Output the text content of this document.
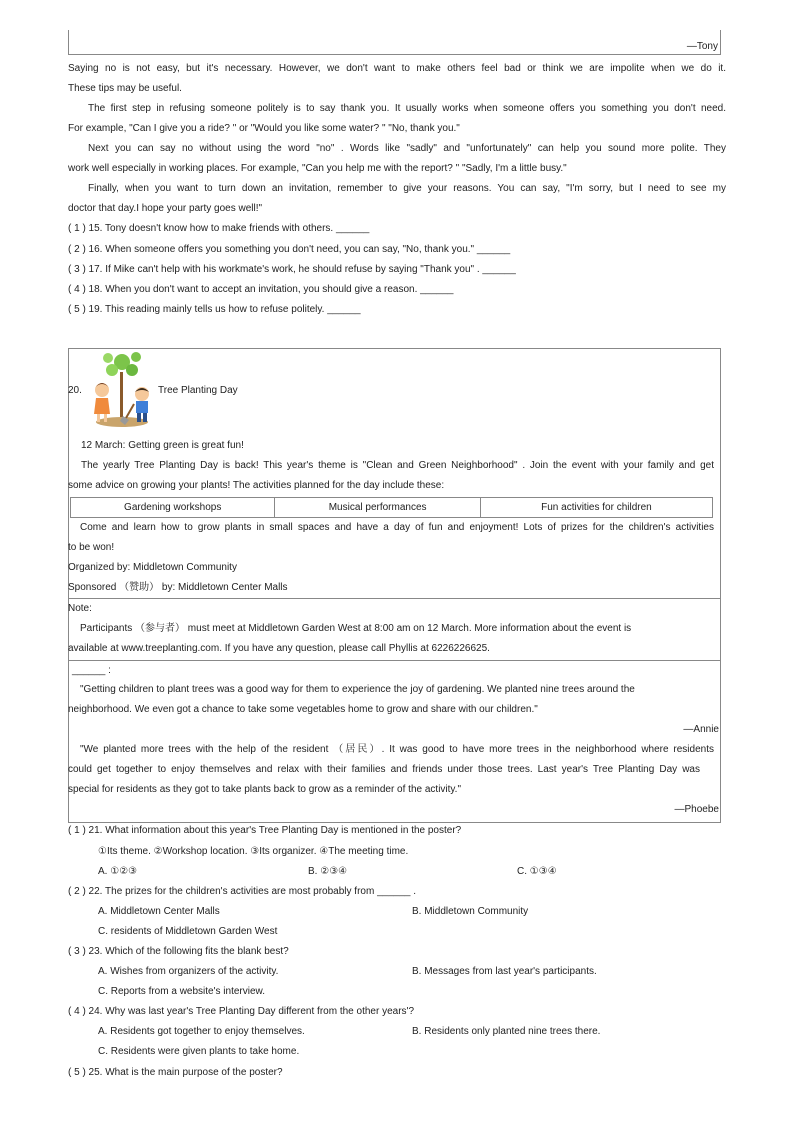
—Tony

Saying no is not easy, but it's necessary. However, we don't want to make others feel bad or think we are impolite when we do it.

These tips may be useful.

The first step in refusing someone politely is to say thank you. It usually works when someone offers you something you don't need.

For example, "Can I give you a ride? " or "Would you like some water? " "No, thank you."

Next you can say no without using the word "no" . Words like "sadly" and "unfortunately" can help you sound more polite. They

work well especially in working places. For example, "Can you help me with the report? " "Sadly, I'm a little busy."

Finally, when you want to turn down an invitation, remember to give your reasons. You can say, "I'm sorry, but I need to see my

doctor that day.I hope your party goes well!"

( 1 ) 15. Tony doesn't know how to make friends with others. ______

( 2 ) 16. When someone offers you something you don't need, you can say, "No, thank you." ______

( 3 ) 17. If Mike can't help with his workmate's work, he should refuse by saying "Thank you" . ______

( 4 ) 18. When you don't want to accept an invitation, you should give a reason. ______

( 5 ) 19. This reading mainly tells us how to refuse politely. ______

20.	Tree Planting Day

12 March: Getting green is great fun!

The yearly Tree Planting Day is back! This year's theme is "Clean and Green Neighborhood" . Join the event with your family and get

some advice on growing your plants! The activities planned for the day include these:

Gardening workshops	Musical performances	Fun activities for children

Come and learn how to grow plants in small spaces and have a day of fun and enjoyment! Lots of prizes for the children's activities

to be won!

Organized by: Middletown Community

Sponsored （赞助） by: Middletown Center Malls

Note:

Participants （参与者） must meet at Middletown Garden West at 8:00 am on 12 March. More information about the event is

available at www.treeplanting.com. If you have any question, please call Phyllis at 6226226625.

______ :

"Getting children to plant trees was a good way for them to experience the joy of gardening. We planted nine trees around the

neighborhood. We even got a chance to take some vegetables home to grow and share with our children."

—Annie

"We planted more trees with the help of the resident （居民）. It was good to have more trees in the neighborhood where residents

could get together to enjoy themselves and relax with their families and friends under those trees. Last year's Tree Planting Day was

special for residents as they got to take plants back to grow as a reminder of the activity."

—Phoebe

( 1 ) 21. What information about this year's Tree Planting Day is mentioned in the poster?

①Its theme. ②Workshop location. ③Its organizer. ④The meeting time.

A. ①②③	B. ②③④	C. ①③④

( 2 ) 22. The prizes for the children's activities are most probably from ______ .

A. Middletown Center Malls	B. Middletown Community

C. residents of Middletown Garden West

( 3 ) 23. Which of the following fits the blank best?

A. Wishes from organizers of the activity.	B. Messages from last year's participants.

C. Reports from a website's interview.

( 4 ) 24. Why was last year's Tree Planting Day different from the other years'?

A. Residents got together to enjoy themselves.	B. Residents only planted nine trees there.

C. Residents were given plants to take home.

( 5 ) 25. What is the main purpose of the poster?
